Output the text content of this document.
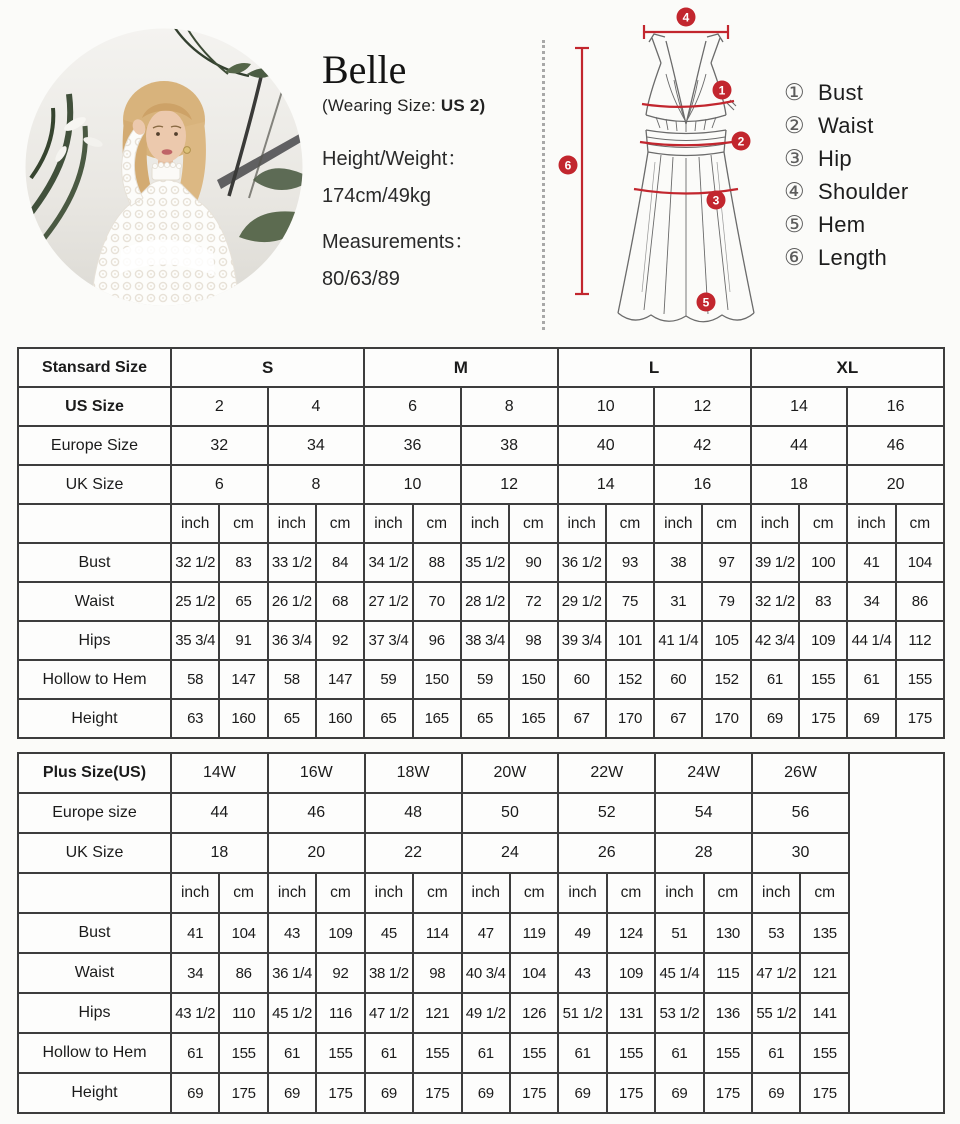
Belle
(Wearing Size: US 2)
Height/Weight：
174cm/49kg
Measurements：
80/63/89
4
1
2
3
5
6
① Bust
② Waist
③ Hip
④ Shoulder
⑤ Hem
⑥ Length
Stansard Size	S				M				L				XL			
US Size	2		4		6		8		10		12		14		16	
Europe Size	32		34		36		38		40		42		44		46	
UK Size	6		8		10		12		14		16		18		20	
	inch	cm	inch	cm	inch	cm	inch	cm	inch	cm	inch	cm	inch	cm	inch	cm
Bust	32 1/2	83	33 1/2	84	34 1/2	88	35 1/2	90	36 1/2	93	38	97	39 1/2	100	41	104
Waist	25 1/2	65	26 1/2	68	27 1/2	70	28 1/2	72	29 1/2	75	31	79	32 1/2	83	34	86
Hips	35 3/4	91	36 3/4	92	37 3/4	96	38 3/4	98	39 3/4	101	41 1/4	105	42 3/4	109	44 1/4	112
Hollow to Hem	58	147	58	147	59	150	59	150	60	152	60	152	61	155	61	155
Height	63	160	65	160	65	165	65	165	67	170	67	170	69	175	69	175
Plus Size(US)	14W		16W		18W		20W		22W		24W		26W		
Europe size	44		46		48		50		52		54		56		
UK Size	18		20		22		24		26		28		30		
	inch	cm	inch	cm	inch	cm	inch	cm	inch	cm	inch	cm	inch	cm	
Bust	41	104	43	109	45	114	47	119	49	124	51	130	53	135	
Waist	34	86	36 1/4	92	38 1/2	98	40 3/4	104	43	109	45 1/4	115	47 1/2	121	
Hips	43 1/2	110	45 1/2	116	47 1/2	121	49 1/2	126	51 1/2	131	53 1/2	136	55 1/2	141	
Hollow to Hem	61	155	61	155	61	155	61	155	61	155	61	155	61	155	
Height	69	175	69	175	69	175	69	175	69	175	69	175	69	175	
